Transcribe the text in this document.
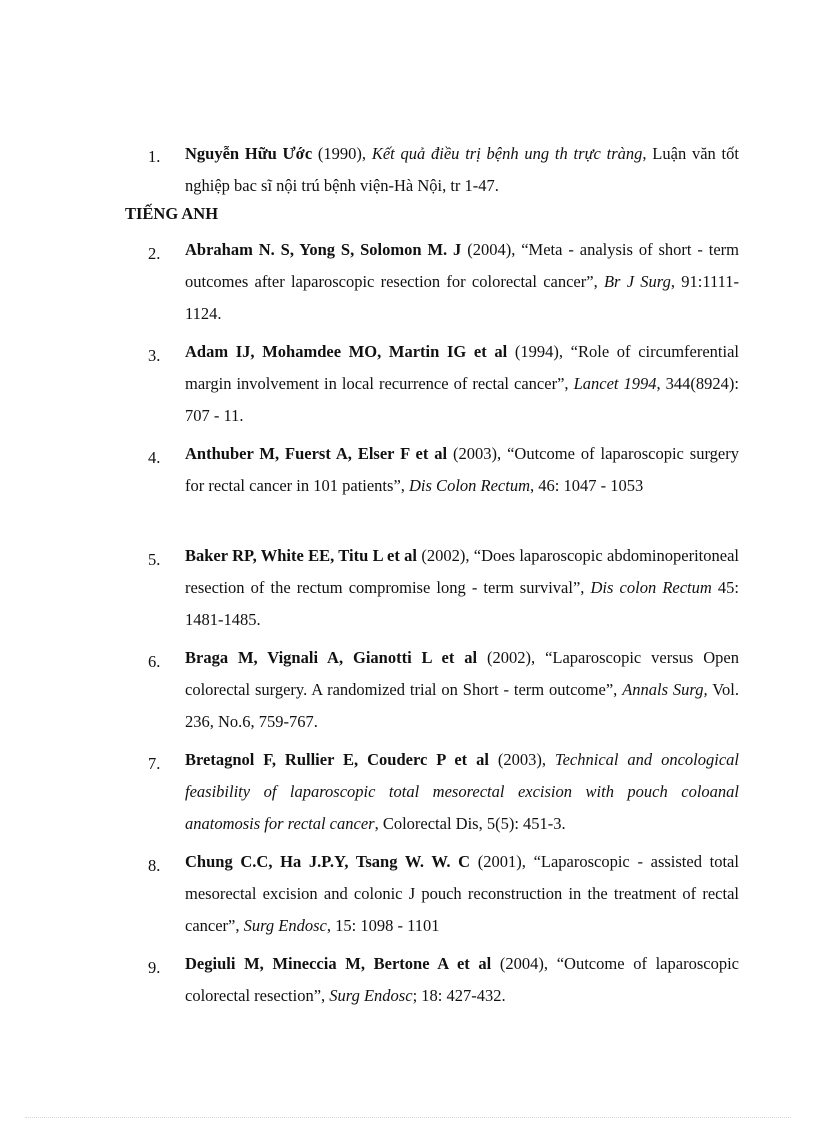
1. Nguyễn Hữu Ước (1990), Kết quả điều trị bệnh ung th trực tràng, Luận văn tốt nghiệp bac sĩ nội trú bệnh viện-Hà Nội, tr 1-47.
TIẾNG ANH
2. Abraham N. S, Yong S, Solomon M. J (2004), “Meta - analysis of short - term outcomes after laparoscopic resection for colorectal cancer”, Br J Surg, 91:1111-1124.
3. Adam IJ, Mohamdee MO, Martin IG et al (1994), “Role of circumferential margin involvement in local recurrence of rectal cancer”, Lancet 1994, 344(8924): 707 - 11.
4. Anthuber M, Fuerst A, Elser F et al (2003), “Outcome of laparoscopic surgery for rectal cancer in 101 patients”, Dis Colon Rectum, 46: 1047 - 1053
5. Baker RP, White EE, Titu L et al (2002), “Does laparoscopic abdominoperitoneal resection of the rectum compromise long - term survival”, Dis colon Rectum 45: 1481-1485.
6. Braga M, Vignali A, Gianotti L et al (2002), “Laparoscopic versus Open colorectal surgery. A randomized trial on Short - term outcome”, Annals Surg, Vol. 236, No.6, 759-767.
7. Bretagnol F, Rullier E, Couderc P et al (2003), Technical and oncological feasibility of laparoscopic total mesorectal excision with pouch coloanal anatomosis for rectal cancer, Colorectal Dis, 5(5): 451-3.
8. Chung C.C, Ha J.P.Y, Tsang W. W. C (2001), “Laparoscopic - assisted total mesorectal excision and colonic J pouch reconstruction in the treatment of rectal cancer”, Surg Endosc, 15: 1098 - 1101
9. Degiuli M, Mineccia M, Bertone A et al (2004), “Outcome of laparoscopic colorectal resection”, Surg Endosc; 18: 427-432.
